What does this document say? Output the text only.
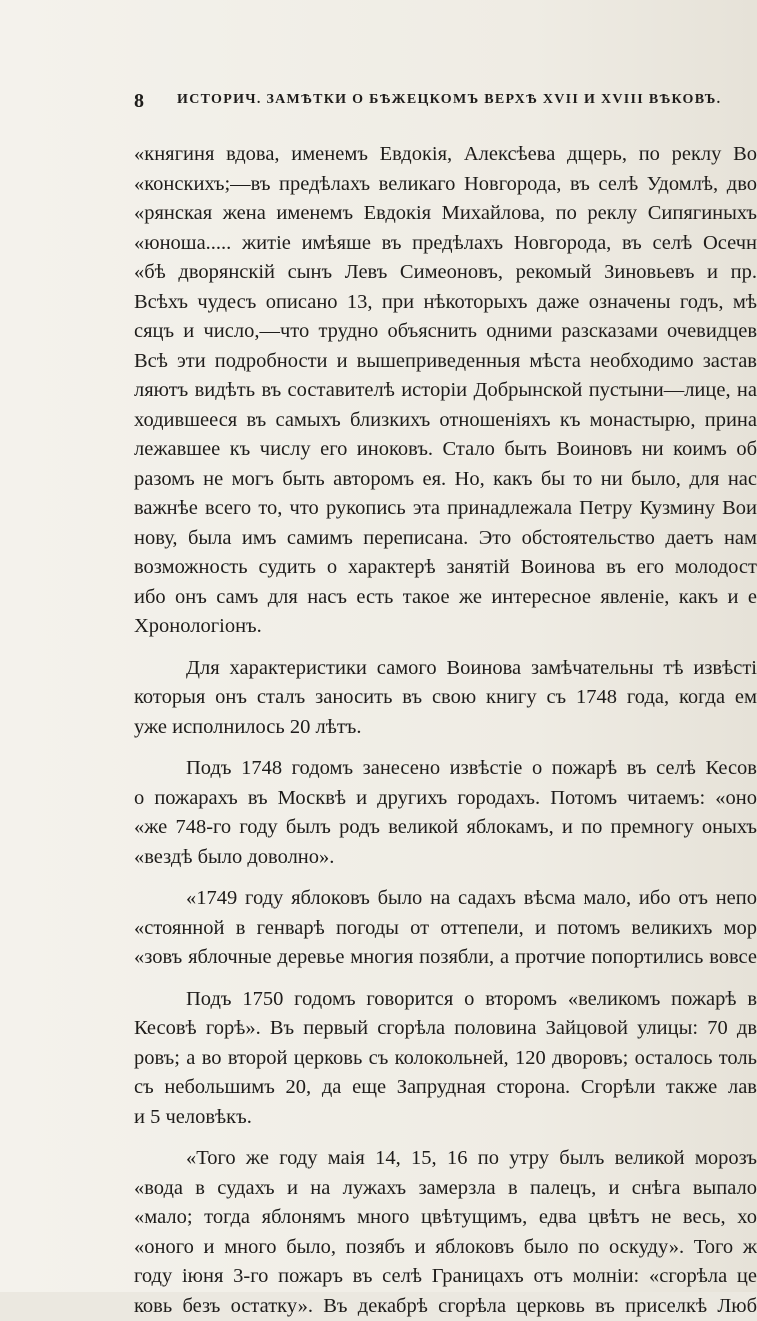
8 ИСТОРИЧ. ЗАМѢТКИ О БѢЖЕЦКОМЪ ВЕРХѢ XVII И XVIII ВѢКОВЪ.
«княгиня вдова, именемъ Евдокія, Алексѣева дщерь, по реклу Во
«конскихъ;—въ предѣлахъ великаго Новгорода, въ селѣ Удомлѣ, дво
«рянская жена именемъ Евдокія Михайлова, по реклу Сипягиныхъ
«юноша..... житіе имѣяше въ предѣлахъ Новгорода, въ селѣ Осечн
«бѣ дворянскій сынъ Левъ Симеоновъ, рекомый Зиновьевъ и пр.
Всѣхъ чудесъ описано 13, при нѣкоторыхъ даже означены годъ, мѣ
сяцъ и число,—что трудно объяснить одними разсказами очевидцев
Всѣ эти подробности и вышеприведенныя мѣста необходимо застав
ляютъ видѣть въ составителѣ исторіи Добрынской пустыни—лице, на
ходившееся въ самыхъ близкихъ отношеніяхъ къ монастырю, прина
лежавшее къ числу его иноковъ. Стало быть Воиновъ ни коимъ об
разомъ не могъ быть авторомъ ея. Но, какъ бы то ни было, для нас
важнѣе всего то, что рукопись эта принадлежала Петру Кузмину Вои
нову, была имъ самимъ переписана. Это обстоятельство даетъ нам
возможность судить о характерѣ занятій Воинова въ его молодост
ибо онъ самъ для насъ есть такое же интересное явленіе, какъ и е
Хронологіонъ.
Для характеристики самого Воинова замѣчательны тѣ извѣсті
которыя онъ сталъ заносить въ свою книгу съ 1748 года, когда ем
уже исполнилось 20 лѣтъ.
Подъ 1748 годомъ занесено извѣстіе о пожарѣ въ селѣ Кесов
о пожарахъ въ Москвѣ и другихъ городахъ. Потомъ читаемъ: «оно
«же 748-го году былъ родъ великой яблокамъ, и по премногу оныхъ
«вездѣ было доволно».
«1749 году яблоковъ было на садахъ вѣсма мало, ибо отъ непо
«стоянной в генварѣ погоды от оттепели, и потомъ великихъ мор
«зовъ яблочные деревье многия позябли, а протчие попортились вовсе
Подъ 1750 годомъ говорится о второмъ «великомъ пожарѣ в
Кесовѣ горѣ». Въ первый сгорѣла половина Зайцовой улицы: 70 дв
ровъ; а во второй церковь съ колокольней, 120 дворовъ; осталось толь
съ небольшимъ 20, да еще Запрудная сторона. Сгорѣли также лав
и 5 человѣкъ.
«Того же году маія 14, 15, 16 по утру былъ великой морозъ
«вода в судахъ и на лужахъ замерзла в палецъ, и снѣга выпало
«мало; тогда яблонямъ много цвѣтущимъ, едва цвѣтъ не весь, хо
«оного и много было, позябъ и яблоковъ было по оскуду». Того ж
году іюня 3-го пожаръ въ селѣ Границахъ отъ молніи: «сгорѣла це
ковь безъ остатку». Въ декабрѣ сгорѣла церковь въ приселкѣ Люб
